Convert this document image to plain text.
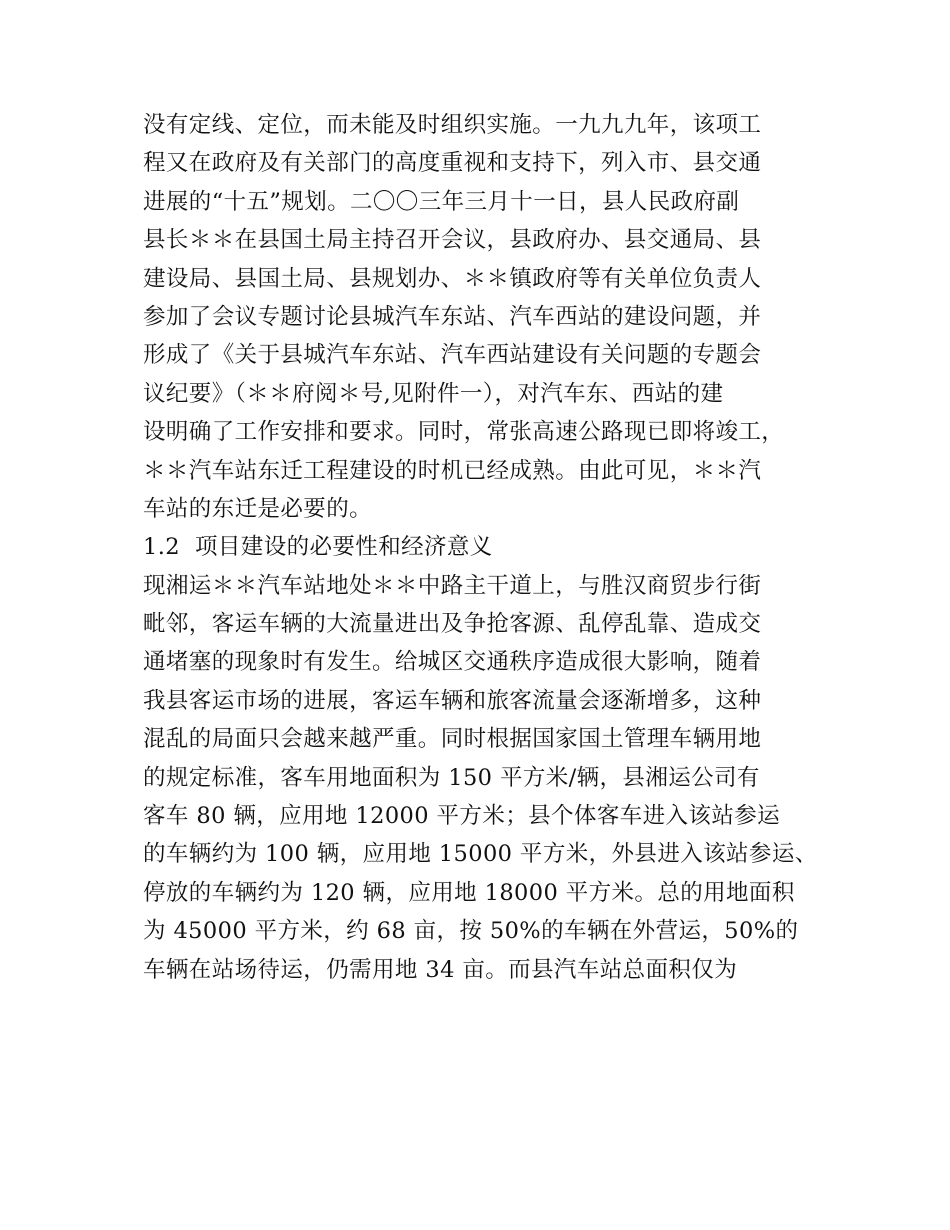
没有定线、定位，而未能及时组织实施。一九九九年，该项工
程又在政府及有关部门的高度重视和支持下，列入市、县交通
进展的“十五”规划。二〇〇三年三月十一日，县人民政府副
县长＊＊在县国土局主持召开会议，县政府办、县交通局、县
建设局、县国土局、县规划办、＊＊镇政府等有关单位负责人
参加了会议专题讨论县城汽车东站、汽车西站的建设问题，并
形成了《关于县城汽车东站、汽车西站建设有关问题的专题会
议纪要》（＊＊府阅＊号,见附件一），对汽车东、西站的建
设明确了工作安排和要求。同时，常张高速公路现已即将竣工，
＊＊汽车站东迁工程建设的时机已经成熟。由此可见，＊＊汽
车站的东迁是必要的。
1.2 项目建设的必要性和经济意义
现湘运＊＊汽车站地处＊＊中路主干道上，与胜汉商贸步行街
毗邻，客运车辆的大流量进出及争抢客源、乱停乱靠、造成交
通堵塞的现象时有发生。给城区交通秩序造成很大影响，随着
我县客运市场的进展，客运车辆和旅客流量会逐渐增多，这种
混乱的局面只会越来越严重。同时根据国家国土管理车辆用地
的规定标准，客车用地面积为 150 平方米/辆，县湘运公司有
客车 80 辆，应用地 12000 平方米；县个体客车进入该站参运
的车辆约为 100 辆，应用地 15000 平方米，外县进入该站参运、
停放的车辆约为 120 辆，应用地 18000 平方米。总的用地面积
为 45000 平方米，约 68 亩，按 50%的车辆在外营运，50%的
车辆在站场待运，仍需用地 34 亩。而县汽车站总面积仅为
